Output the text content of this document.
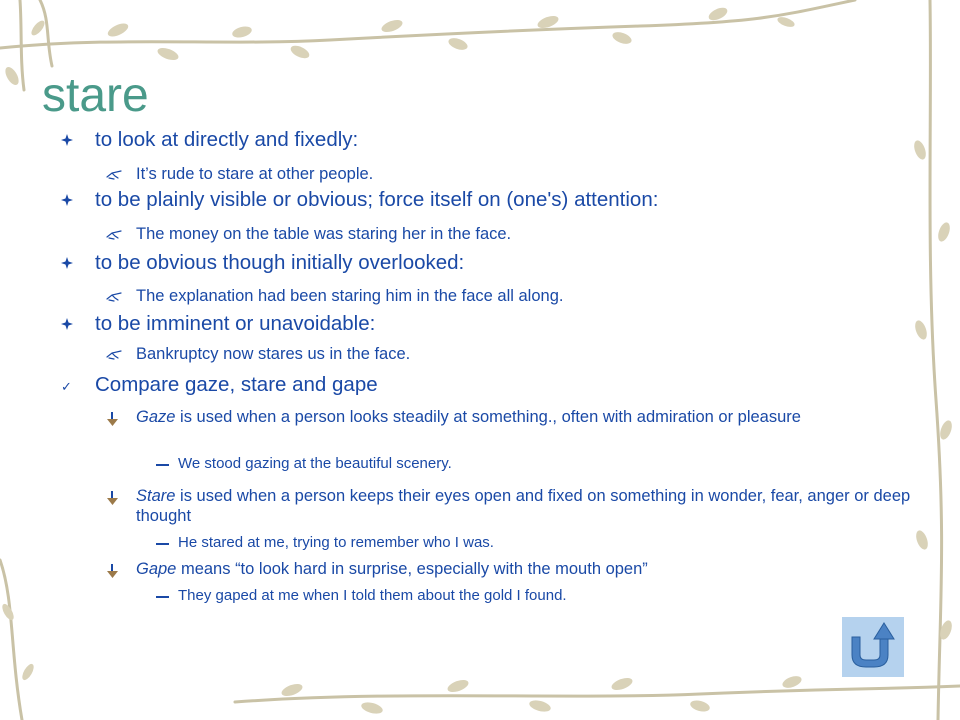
stare
to look at directly and fixedly:
It’s rude to stare at other people.
to be plainly visible or obvious; force itself on (one's) attention:
The money on the table was staring her in the face.
to be obvious though initially overlooked:
The explanation had been staring him in the face all along.
to be imminent or unavoidable:
Bankruptcy now stares us in the face.
✓ Compare gaze, stare and gape
Gaze is used when a person looks steadily at something., often with admiration or pleasure
We stood gazing at the beautiful scenery.
Stare is used when a person keeps their eyes open and fixed on something in wonder, fear, anger or deep thought
He stared at me, trying to remember who I was.
Gape means “to look hard in surprise, especially with the mouth open”
They gaped at me when I told them about the gold I found.
